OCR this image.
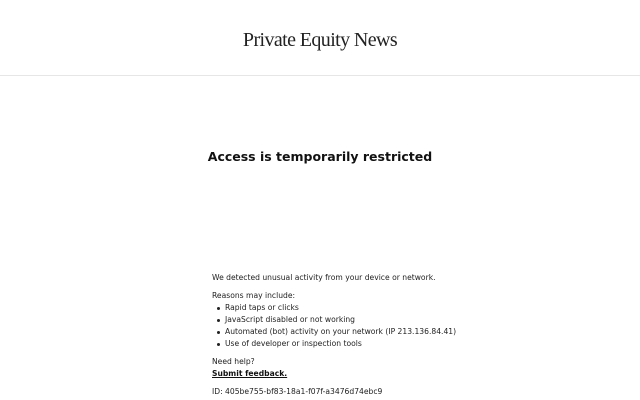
Private Equity News
Access is temporarily restricted

We detected unusual activity from your device or network.

Reasons may include:

Rapid taps or clicks
JavaScript disabled or not working
Automated (bot) activity on your network (IP 213.136.84.41)
Use of developer or inspection tools

Need help?

Submit feedback.

ID: 405be755-bf83-18a1-f07f-a3476d74ebc9
